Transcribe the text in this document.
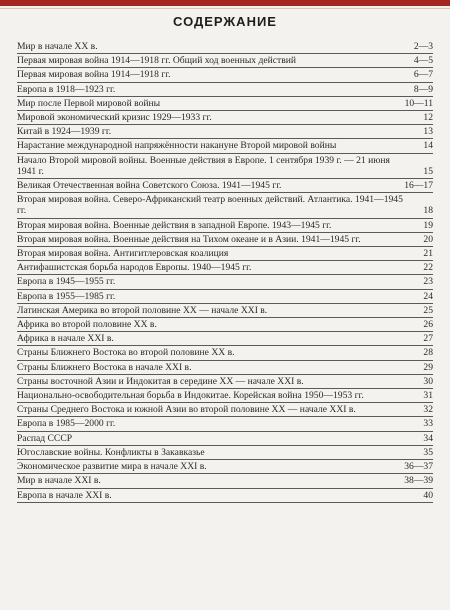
СОДЕРЖАНИЕ
Мир в начале XX в.	2—3
Первая мировая война 1914—1918 гг. Общий ход военных действий	4—5
Первая мировая война 1914—1918 гг.	6—7
Европа в 1918—1923 гг.	8—9
Мир после Первой мировой войны	10—11
Мировой экономический кризис 1929—1933 гг.	12
Китай в 1924—1939 гг.	13
Нарастание международной напряжённости накануне Второй мировой войны	14
Начало Второй мировой войны. Военные действия в Европе. 1 сентября 1939 г. — 21 июня 1941 г.	15
Великая Отечественная война Советского Союза. 1941—1945 гг.	16—17
Вторая мировая война. Северо-Африканский театр военных действий. Атлантика. 1941—1945 гг.	18
Вторая мировая война. Военные действия в западной Европе. 1943—1945 гг.	19
Вторая мировая война. Военные действия на Тихом океане и в Азии. 1941—1945 гг.	20
Вторая мировая война. Антигитлеровская коалиция	21
Антифашистская борьба народов Европы. 1940—1945 гг.	22
Европа в 1945—1955 гг.	23
Европа в 1955—1985 гг.	24
Латинская Америка во второй половине XX — начале XXI в.	25
Африка во второй половине XX в.	26
Африка в начале XXI в.	27
Страны Ближнего Востока во второй половине XX в.	28
Страны Ближнего Востока в начале XXI в.	29
Страны восточной Азии и Индокитая в середине XX — начале XXI в.	30
Национально-освободительная борьба в Индокитае. Корейская война 1950—1953 гг.	31
Страны Среднего Востока и южной Азии во второй половине XX — начале XXI в.	32
Европа в 1985—2000 гг.	33
Распад СССР	34
Югославские войны. Конфликты в Закавказье	35
Экономическое развитие мира в начале XXI в.	36—37
Мир в начале XXI в.	38—39
Европа в начале XXI в.	40
